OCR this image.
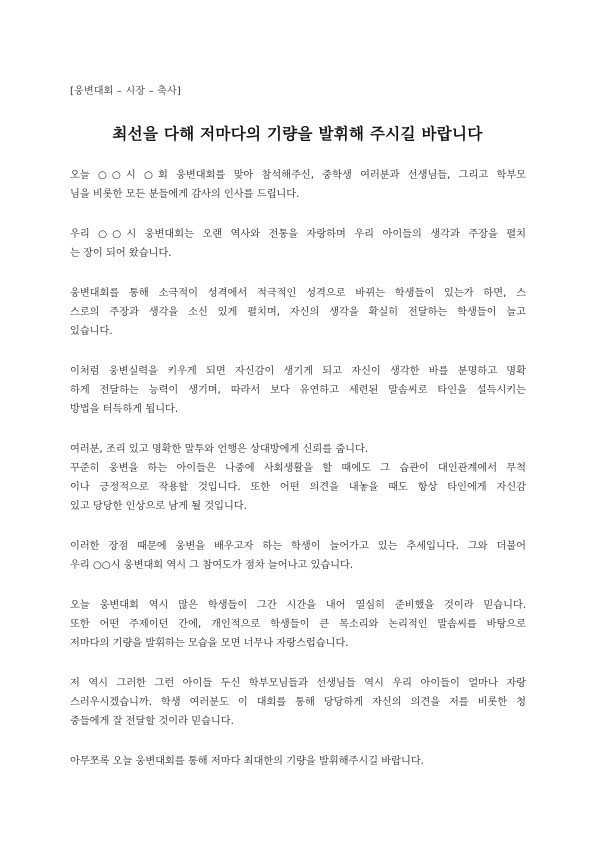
[웅변대회 – 시장 – 축사]
최선을 다해 저마다의 기량을 발휘해 주시길 바랍니다
오늘 ○○시 ○회 웅변대회를 맞아 참석해주신, 중학생 여러분과 선생님들, 그리고 학부모
님을 비롯한 모든 분들에게 감사의 인사를 드립니다.
우리 ○○시 웅변대회는 오랜 역사와 전통을 자랑하며 우리 아이들의 생각과 주장을 펼치
는 장이 되어 왔습니다.
웅변대회를 통해 소극적이 성격에서 적극적인 성격으로 바뀌는 학생들이 있는가 하면, 스
스로의 주장과 생각을 소신 있게 펼치며, 자신의 생각을 확실히 전달하는 학생들이 늘고
있습니다.
이처럼 웅변실력을 키우게 되면 자신감이 생기게 되고 자신이 생각한 바를 분명하고 명확
하게 전달하는 능력이 생기며, 따라서 보다 유연하고 세련된 말솜씨로 타인을 설득시키는
방법을 터득하게 됩니다.
여러분, 조리 있고 명확한 말투와 언행은 상대방에게 신뢰를 줍니다.
꾸준히 웅변을 하는 아이들은 나중에 사회생활을 할 때에도 그 습관이 대인관계에서 무척
이나 긍정적으로 작용할 것입니다. 또한 어떤 의견을 내놓을 때도 항상 타인에게 자신감
있고 당당한 인상으로 남게 될 것입니다.
이러한 장점 때문에 웅변을 배우고자 하는 학생이 늘어가고 있는 추세입니다. 그와 더불어
우리 ○○시 웅변대회 역시 그 참여도가 점차 늘어나고 있습니다.
오늘 웅변대회 역시 많은 학생들이 그간 시간을 내어 열심히 준비했을 것이라 믿습니다.
또한 어떤 주제이던 간에, 개인적으로 학생들이 큰 목소리와 논리적인 말솜씨를 바탕으로
저마다의 기량을 발휘하는 모습을 모면 너무나 자랑스럽습니다.
저 역시 그러한 그런 아이들 두신 학부모님들과 선생님들 역시 우리 아이들이 얼마나 자랑
스러우시겠습니까. 학생 여러분도 이 대회를 통해 당당하게 자신의 의견을 저를 비롯한 청
중들에게 잘 전달할 것이라 믿습니다.
아무쪼록 오늘 웅변대회를 통해 저마다 최대한의 기량을 발휘해주시길 바랍니다.
